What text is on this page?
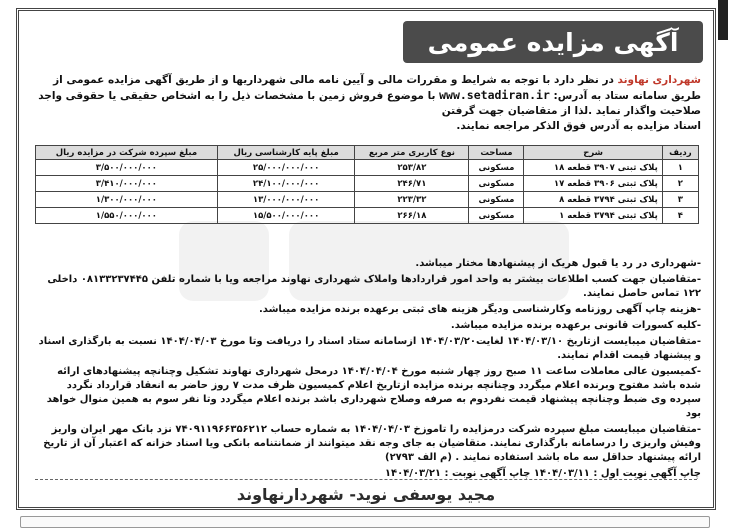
آگهی مزایده عمومی
شهرداری نهاوند در نظر دارد با توجه به شرایط و مقررات مالی و آیین نامه مالی شهرداریها و از طریق آگهی مزایده عمومی از طریق سامانه ستاد به آدرس: www.setadiran.ir با موضوع فروش زمین با مشخصات ذیل را به اشخاص حقیقی یا حقوقی واجد صلاحیت واگذار نماید .لذا از متقاضیان جهت گرفتن
اسناد مزایده به آدرس فوق الذکر مراجعه نمایند.
ردیف	شرح	مساحت	نوع کاربری متر مربع	مبلغ پایه کارشناسی ریال	مبلغ سپرده شرکت در مزایده ریال
۱	پلاک ثبتی ۳۹۰۷ قطعه ۱۸	مسکونی	۲۵۳/۸۲	۲۵/۰۰۰/۰۰۰/۰۰۰	۳/۵۰۰/۰۰۰/۰۰۰
۲	پلاک ثبتی ۳۹۰۶ قطعه ۱۷	مسکونی	۲۴۶/۷۱	۲۴/۱۰۰/۰۰۰/۰۰۰	۳/۴۱۰/۰۰۰/۰۰۰
۳	پلاک ثبتی ۳۷۹۴ قطعه ۸	مسکونی	۲۲۳/۳۲	۱۳/۰۰۰/۰۰۰/۰۰۰	۱/۳۰۰/۰۰۰/۰۰۰
۴	پلاک ثبتی ۳۷۹۴ قطعه ۱	مسکونی	۲۶۶/۱۸	۱۵/۵۰۰/۰۰۰/۰۰۰	۱/۵۵۰/۰۰۰/۰۰۰

-شهرداری در رد یا قبول هریک از پیشنهادها مختار میباشد.

-متقاضیان جهت کسب اطلاعات بیشتر به واحد امور قراردادها واملاک شهرداری نهاوند مراجعه ویا با شماره تلفن ۰۸۱۳۳۲۳۷۴۴۵ داخلی ۱۲۲ تماس حاصل نمایند.

-هزینه چاپ آگهی روزنامه وکارشناسی ودیگر هزینه های ثبتی برعهده برنده مزایده میباشد.

-کلیه کسورات قانونی برعهده برنده مزایده میباشد.

-متقاضیان میبایست ازتاریخ ۱۴۰۴/۰۳/۱۰ لغایت۱۴۰۴/۰۳/۲۰ ازسامانه ستاد اسناد را دریافت وتا مورخ ۱۴۰۴/۰۴/۰۳ نسبت به بارگذاری اسناد و پیشنهاد قیمت اقدام نمایند.

-کمیسیون عالی معاملات ساعت ۱۱ صبح روز چهار شنبه مورخ ۱۴۰۴/۰۴/۰۴ درمحل شهرداری نهاوند تشکیل وچنانچه پیشنهادهای ارائه شده باشد مفتوح وبرنده اعلام میگردد وچنانچه برنده مزایده ازتاریخ اعلام کمیسیون ظرف مدت ۷ روز حاضر به انعقاد قرارداد نگردد سپرده وی ضبط وچنانچه پیشنهاد قیمت نفردوم به صرفه وصلاح شهرداری باشد برنده اعلام میگردد وتا نفر سوم به همین منوال خواهد بود

-متقاضیان میبایست مبلغ سپرده شرکت درمزایده را تاموزخ ۱۴۰۴/۰۴/۰۳ به شماره حساب ۷۴۰۹۱۱۹۶۶۳۵۶۲۱۲ نزد بانک مهر ایران واریز وفیش واریزی را درسامانه بارگذاری نمایند. متقاضیان به جای وجه نقد میتوانند از ضمانتنامه بانکی ویا اسناد خزانه که اعتبار آن از تاریخ ارائه پیشنهاد حداقل سه ماه باشد استفاده نمایند . (م الف ۲۷۹۳)

چاپ آگهی نوبت اول : ۱۴۰۴/۰۳/۱۱ چاپ آگهی نوبت : ۱۴۰۴/۰۳/۲۱

مجید یوسفی نوید- شهردارنهاوند
